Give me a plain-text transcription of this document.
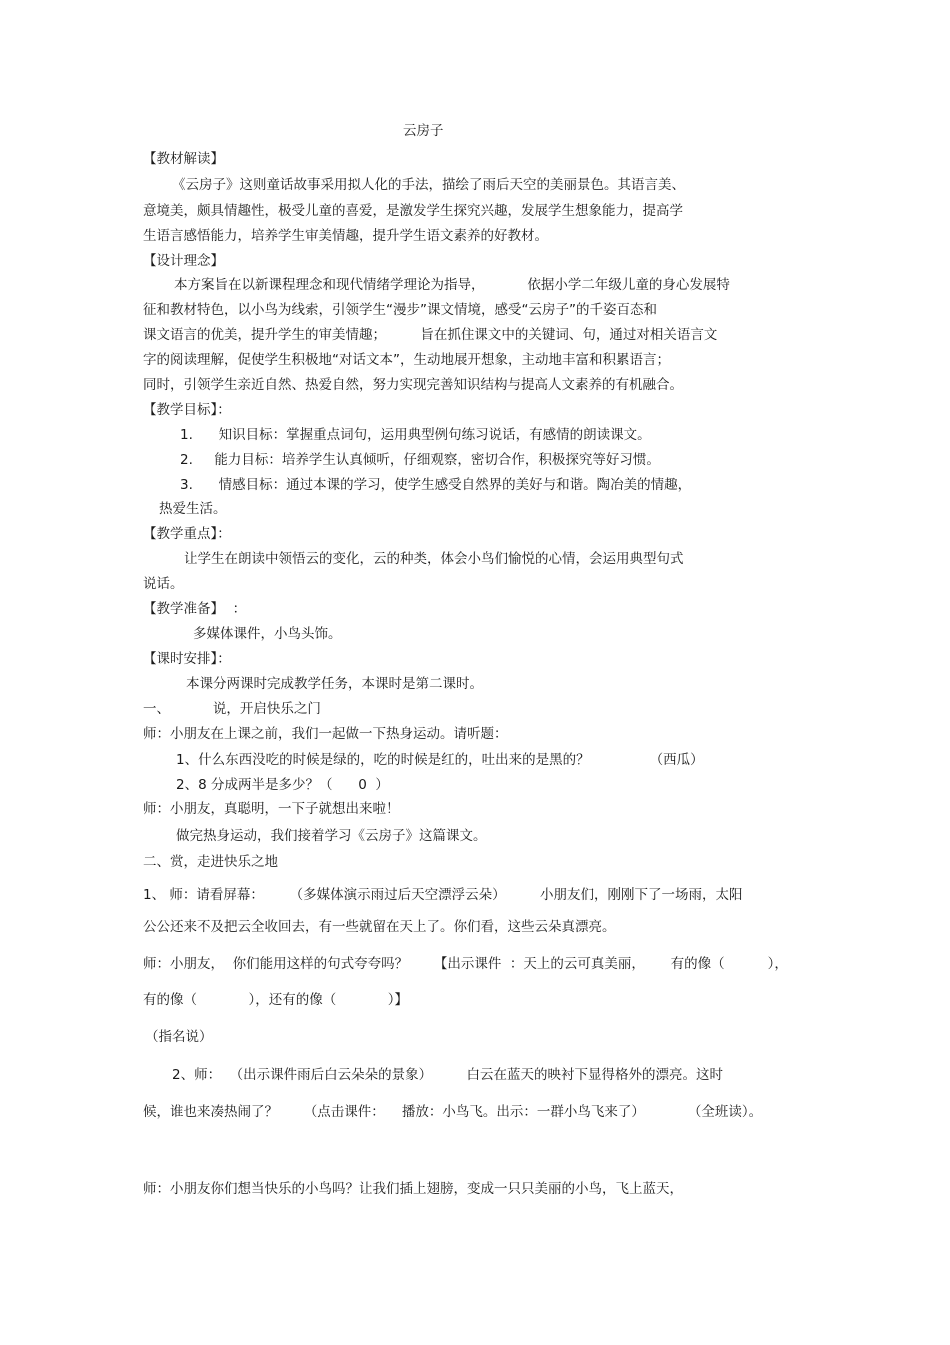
云房子

【教材解读】

《云房子》这则童话故事采用拟人化的手法，描绘了雨后天空的美丽景色。其语言美、

意境美，颇具情趣性，极受儿童的喜爱，是激发学生探究兴趣，发展学生想象能力，提高学

生语言感悟能力，培养学生审美情趣，提升学生语文素养的好教材。

【设计理念】

本方案旨在以新课程理念和现代情绪学理论为指导，          依据小学二年级儿童的身心发展特

征和教材特色，以小鸟为线索，引领学生“漫步”课文情境，感受“云房子”的千姿百态和

课文语言的优美，提升学生的审美情趣；        旨在抓住课文中的关键词、句，通过对相关语言文

字的阅读理解，促使学生积极地“对话文本”，生动地展开想象，主动地丰富和积累语言；

同时，引领学生亲近自然、热爱自然，努力实现完善知识结构与提高人文素养的有机融合。

【教学目标】：

1.      知识目标：掌握重点词句，运用典型例句练习说话，有感情的朗读课文。

2.     能力目标：培养学生认真倾听，仔细观察，密切合作，积极探究等好习惯。

3.      情感目标：通过本课的学习，使学生感受自然界的美好与和谐。陶冶美的情趣，

热爱生活。

【教学重点】：

让学生在朗读中领悟云的变化，云的种类，体会小鸟们愉悦的心情，会运用典型句式

说话。

【教学准备】  ：

多媒体课件，小鸟头饰。

【课时安排】：

本课分两课时完成教学任务，本课时是第二课时。

一、          说，开启快乐之门

师：小朋友在上课之前，我们一起做一下热身运动。请听题：

1、什么东西没吃的时候是绿的，吃的时候是红的，吐出来的是黑的？              （西瓜）

2、8 分成两半是多少？（      0  ）

师：小朋友，真聪明，一下子就想出来啦！

做完热身运动，我们接着学习《云房子》这篇课文。

二、赏，走进快乐之地

1、 师：请看屏幕：      （多媒体演示雨过后天空漂浮云朵）        小朋友们，刚刚下了一场雨，太阳

公公还来不及把云全收回去，有一些就留在天上了。你们看，这些云朵真漂亮。

师：小朋友，  你们能用这样的句式夸夸吗？      【出示课件  ：天上的云可真美丽，      有的像（          ），

有的像（            ），还有的像（            ）】

（指名说）

2、师：  （出示课件雨后白云朵朵的景象）        白云在蓝天的映衬下显得格外的漂亮。这时

候，谁也来凑热闹了？      （点击课件：    播放：小鸟飞。出示：一群小鸟飞来了）          （全班读）。

师：小朋友你们想当快乐的小鸟吗？让我们插上翅膀，变成一只只美丽的小鸟，飞上蓝天，
